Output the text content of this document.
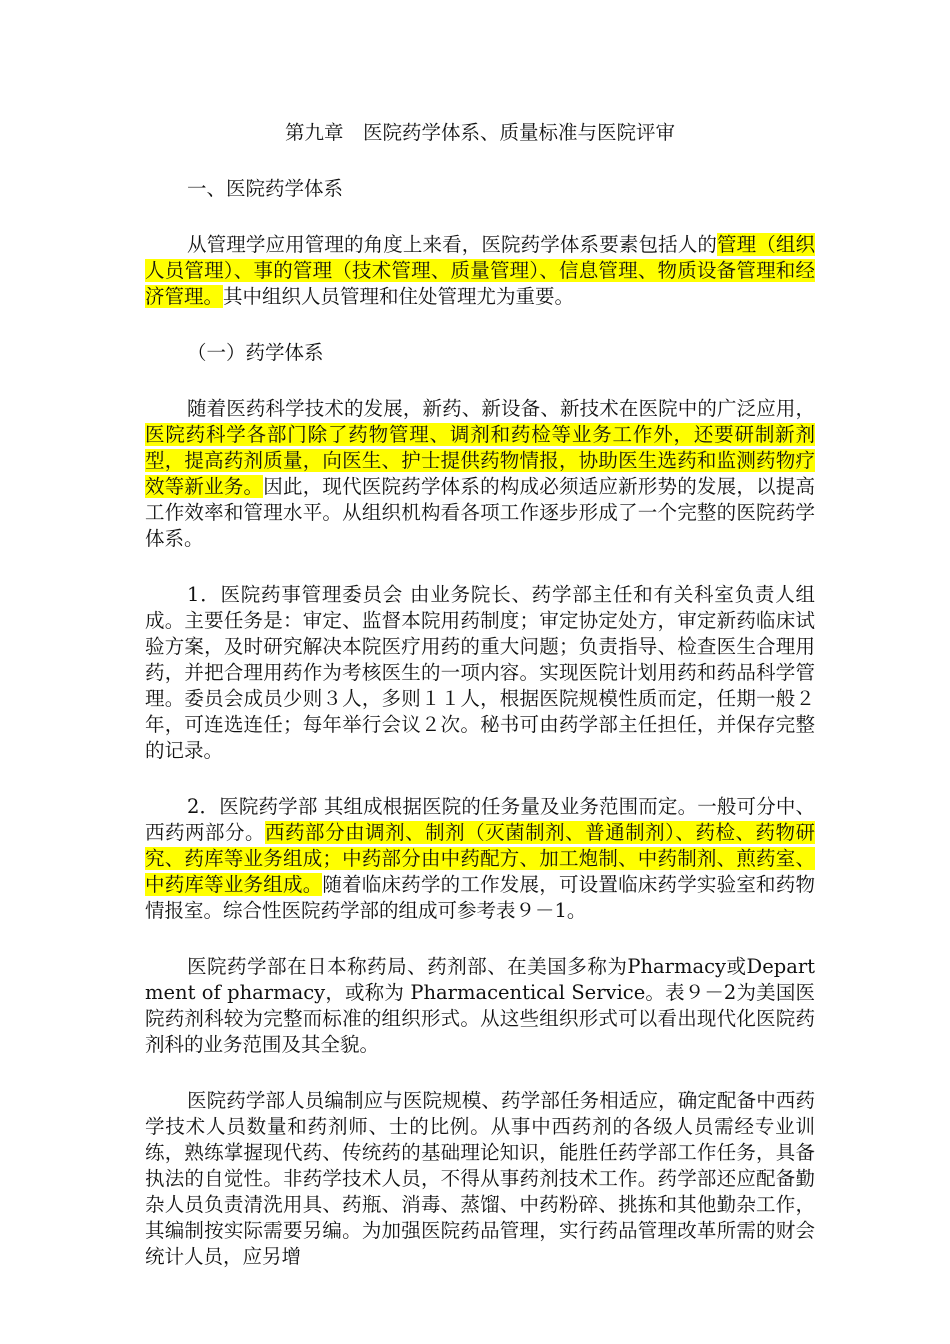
第九章　医院药学体系、质量标准与医院评审
一、医院药学体系

从管理学应用管理的角度上来看，医院药学体系要素包括人的管理（组织人员管理）、事的管理（技术管理、质量管理）、信息管理、物质设备管理和经济管理。其中组织人员管理和住处管理尤为重要。

（一）药学体系

随着医药科学技术的发展，新药、新设备、新技术在医院中的广泛应用，医院药科学各部门除了药物管理、调剂和药检等业务工作外，还要研制新剂型，提高药剂质量，向医生、护士提供药物情报，协助医生选药和监测药物疗效等新业务。因此，现代医院药学体系的构成必须适应新形势的发展，以提高工作效率和管理水平。从组织机构看各项工作逐步形成了一个完整的医院药学体系。

1．医院药事管理委员会 由业务院长、药学部主任和有关科室负责人组成。主要任务是：审定、监督本院用药制度；审定协定处方，审定新药临床试验方案，及时研究解决本院医疗用药的重大问题；负责指导、检查医生合理用药，并把合理用药作为考核医生的一项内容。实现医院计划用药和药品科学管理。委员会成员少则３人，多则１１人，根据医院规模性质而定，任期一般２年，可连选连任；每年举行会议２次。秘书可由药学部主任担任，并保存完整的记录。

2．医院药学部 其组成根据医院的任务量及业务范围而定。一般可分中、西药两部分。西药部分由调剂、制剂（灭菌制剂、普通制剂）、药检、药物研究、药库等业务组成；中药部分由中药配方、加工炮制、中药制剂、煎药室、中药库等业务组成。随着临床药学的工作发展，可设置临床药学实验室和药物情报室。综合性医院药学部的组成可参考表９－1。

医院药学部在日本称药局、药剂部、在美国多称为Pharmacy或Department of pharmacy，或称为 Pharmacentical Service。表９－2为美国医院药剂科较为完整而标准的组织形式。从这些组织形式可以看出现代化医院药剂科的业务范围及其全貌。

医院药学部人员编制应与医院规模、药学部任务相适应，确定配备中西药学技术人员数量和药剂师、士的比例。从事中西药剂的各级人员需经专业训练，熟练掌握现代药、传统药的基础理论知识，能胜任药学部工作任务，具备执法的自觉性。非药学技术人员，不得从事药剂技术工作。药学部还应配备勤杂人员负责清洗用具、药瓶、消毒、蒸馏、中药粉碎、挑拣和其他勤杂工作，其编制按实际需要另编。为加强医院药品管理，实行药品管理改革所需的财会统计人员，应另增
